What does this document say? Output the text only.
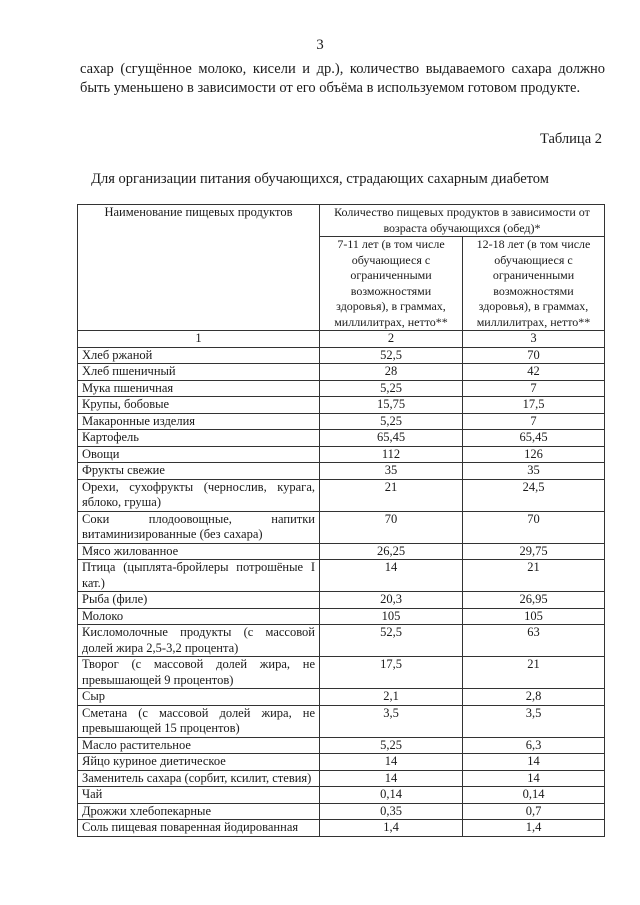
3
сахар (сгущённое молоко, кисели и др.), количество выдаваемого сахара должно быть уменьшено в зависимости от его объёма в используемом готовом продукте.
Таблица 2
Для организации питания обучающихся, страдающих сахарным диабетом
Наименование пищевых продуктов	Количество пищевых продуктов в зависимости от возраста обучающихся (обед)*	
	7-11 лет (в том числе обучающиеся с ограниченными возможностями здоровья), в граммах, миллилитрах, нетто**	12-18 лет (в том числе обучающиеся с ограниченными возможностями здоровья), в граммах, миллилитрах, нетто**
1	2	3
Хлеб ржаной	52,5	70
Хлеб пшеничный	28	42
Мука пшеничная	5,25	7
Крупы, бобовые	15,75	17,5
Макаронные изделия	5,25	7
Картофель	65,45	65,45
Овощи	112	126
Фрукты свежие	35	35
Орехи, сухофрукты (чернослив, курага, яблоко, груша)	21	24,5
Соки плодоовощные, напитки витаминизированные (без сахара)	70	70
Мясо жилованное	26,25	29,75
Птица (цыплята-бройлеры потрошёные I кат.)	14	21
Рыба (филе)	20,3	26,95
Молоко	105	105
Кисломолочные продукты (с массовой долей жира 2,5-3,2 процента)	52,5	63
Творог (с массовой долей жира, не превышающей 9 процентов)	17,5	21
Сыр	2,1	2,8
Сметана (с массовой долей жира, не превышающей 15 процентов)	3,5	3,5
Масло растительное	5,25	6,3
Яйцо куриное диетическое	14	14
Заменитель сахара (сорбит, ксилит, стевия)	14	14
Чай	0,14	0,14
Дрожжи хлебопекарные	0,35	0,7
Соль пищевая поваренная йодированная	1,4	1,4
